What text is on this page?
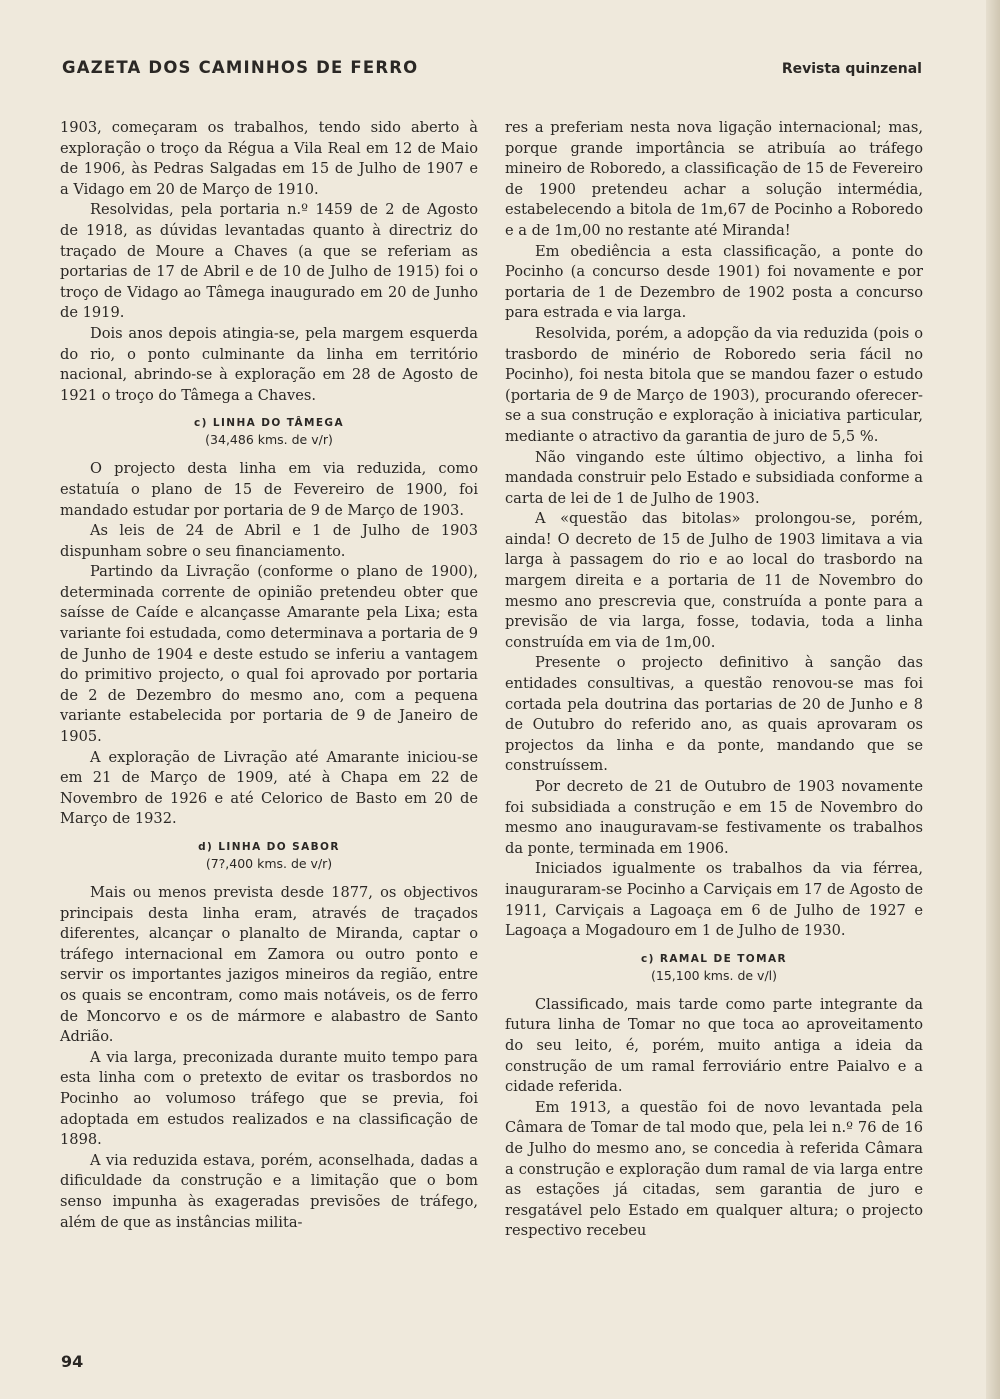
GAZETA DOS CAMINHOS DE FERRO	Revista quinzenal

1903, começaram os trabalhos, tendo sido aberto à exploração o troço da Régua a Vila Real em 12 de Maio de 1906, às Pedras Salgadas em 15 de Julho de 1907 e a Vidago em 20 de Março de 1910.

Resolvidas, pela portaria n.º 1459 de 2 de Agosto de 1918, as dúvidas levantadas quanto à directriz do traçado de Moure a Chaves (a que se referiam as portarias de 17 de Abril e de 10 de Julho de 1915) foi o troço de Vidago ao Tâmega inaugurado em 20 de Junho de 1919.

Dois anos depois atingia-se, pela margem esquerda do rio, o ponto culminante da linha em território nacional, abrindo-se à exploração em 28 de Agosto de 1921 o troço do Tâmega a Chaves.

c) LINHA DO TÂMEGA
(34,486 kms. de v/r)

O projecto desta linha em via reduzida, como estatuía o plano de 15 de Fevereiro de 1900, foi mandado estudar por portaria de 9 de Março de 1903.

As leis de 24 de Abril e 1 de Julho de 1903 dispunham sobre o seu financiamento.

Partindo da Livração (conforme o plano de 1900), determinada corrente de opinião pretendeu obter que saísse de Caíde e alcançasse Amarante pela Lixa; esta variante foi estudada, como determinava a portaria de 9 de Junho de 1904 e deste estudo se inferiu a vantagem do primitivo projecto, o qual foi aprovado por portaria de 2 de Dezembro do mesmo ano, com a pequena variante estabelecida por portaria de 9 de Janeiro de 1905.

A exploração de Livração até Amarante iniciou-se em 21 de Março de 1909, até à Chapa em 22 de Novembro de 1926 e até Celorico de Basto em 20 de Março de 1932.

d) LINHA DO SABOR
(7?,400 kms. de v/r)

Mais ou menos prevista desde 1877, os objectivos principais desta linha eram, através de traçados diferentes, alcançar o planalto de Miranda, captar o tráfego internacional em Zamora ou outro ponto e servir os importantes jazigos mineiros da região, entre os quais se encontram, como mais notáveis, os de ferro de Moncorvo e os de mármore e alabastro de Santo Adrião.

A via larga, preconizada durante muito tempo para esta linha com o pretexto de evitar os trasbordos no Pocinho ao volumoso tráfego que se previa, foi adoptada em estudos realizados e na classificação de 1898.

A via reduzida estava, porém, aconselhada, dadas a dificuldade da construção e a limitação que o bom senso impunha às exageradas previsões de tráfego, além de que as instâncias milita-

res a preferiam nesta nova ligação internacional; mas, porque grande importância se atribuía ao tráfego mineiro de Roboredo, a classificação de 15 de Fevereiro de 1900 pretendeu achar a solução intermédia, estabelecendo a bitola de 1m,67 de Pocinho a Roboredo e a de 1m,00 no restante até Miranda!

Em obediência a esta classificação, a ponte do Pocinho (a concurso desde 1901) foi novamente e por portaria de 1 de Dezembro de 1902 posta a concurso para estrada e via larga.

Resolvida, porém, a adopção da via reduzida (pois o trasbordo de minério de Roboredo seria fácil no Pocinho), foi nesta bitola que se mandou fazer o estudo (portaria de 9 de Março de 1903), procurando oferecer-se a sua construção e exploração à iniciativa particular, mediante o atractivo da garantia de juro de 5,5 %.

Não vingando este último objectivo, a linha foi mandada construir pelo Estado e subsidiada conforme a carta de lei de 1 de Julho de 1903.

A «questão das bitolas» prolongou-se, porém, ainda! O decreto de 15 de Julho de 1903 limitava a via larga à passagem do rio e ao local do trasbordo na margem direita e a portaria de 11 de Novembro do mesmo ano prescrevia que, construída a ponte para a previsão de via larga, fosse, todavia, toda a linha construída em via de 1m,00.

Presente o projecto definitivo à sanção das entidades consultivas, a questão renovou-se mas foi cortada pela doutrina das portarias de 20 de Junho e 8 de Outubro do referido ano, as quais aprovaram os projectos da linha e da ponte, mandando que se construíssem.

Por decreto de 21 de Outubro de 1903 novamente foi subsidiada a construção e em 15 de Novembro do mesmo ano inauguravam-se festivamente os trabalhos da ponte, terminada em 1906.

Iniciados igualmente os trabalhos da via férrea, inauguraram-se Pocinho a Carviçais em 17 de Agosto de 1911, Carviçais a Lagoaça em 6 de Julho de 1927 e Lagoaça a Mogadouro em 1 de Julho de 1930.

c) RAMAL DE TOMAR
(15,100 kms. de v/l)

Classificado, mais tarde como parte integrante da futura linha de Tomar no que toca ao aproveitamento do seu leito, é, porém, muito antiga a ideia da construção de um ramal ferroviário entre Paialvo e a cidade referida.

Em 1913, a questão foi de novo levantada pela Câmara de Tomar de tal modo que, pela lei n.º 76 de 16 de Julho do mesmo ano, se concedia à referida Câmara a construção e exploração dum ramal de via larga entre as estações já citadas, sem garantia de juro e resgatável pelo Estado em qualquer altura; o projecto respectivo recebeu

94
